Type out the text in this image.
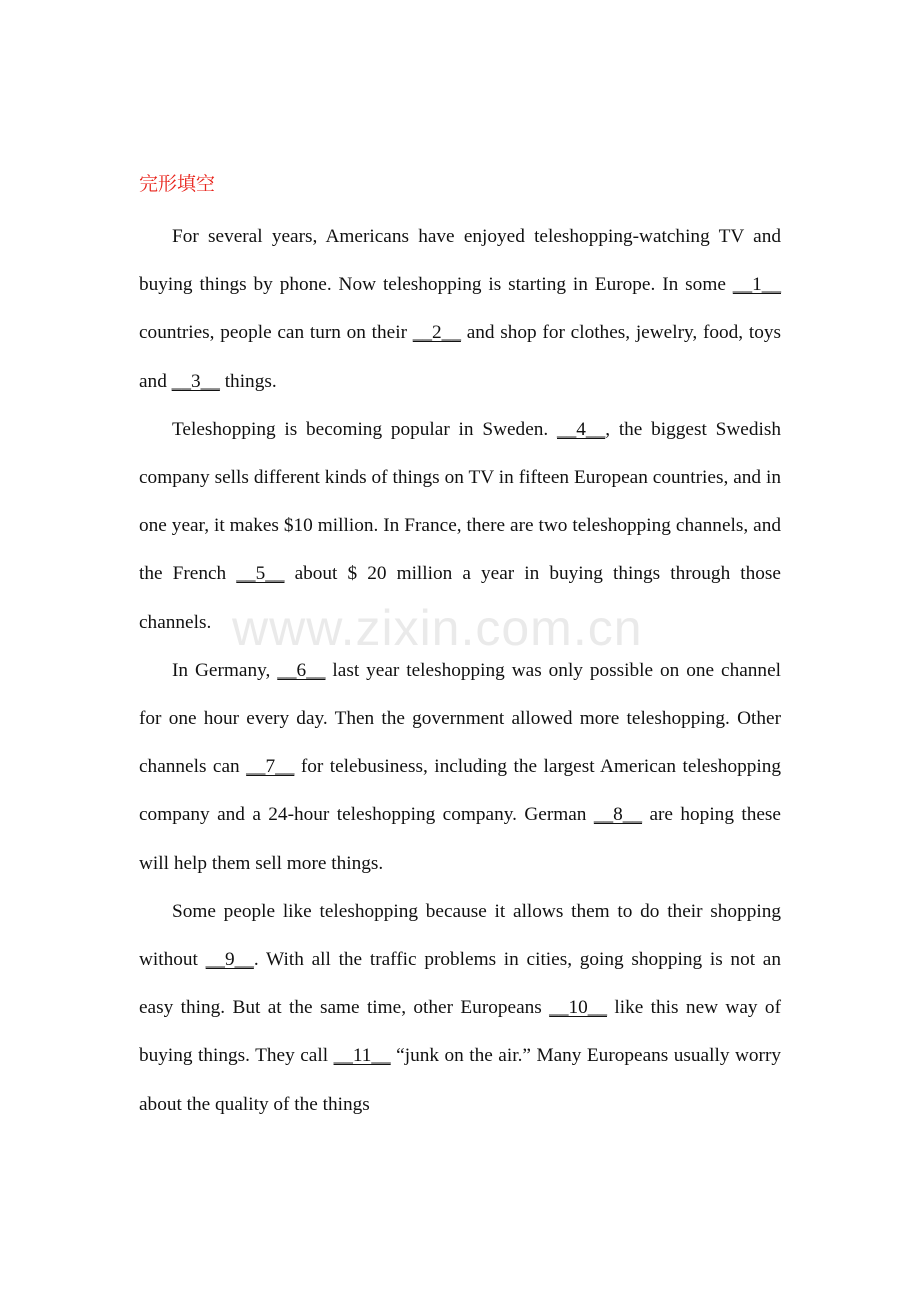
完形填空

For several years, Americans have enjoyed teleshopping-watching TV and buying things by phone. Now teleshopping is starting in Europe. In some __1__ countries, people can turn on their __2__ and shop for clothes, jewelry, food, toys and __3__ things.

Teleshopping is becoming popular in Sweden. __4__, the biggest Swedish company sells different kinds of things on TV in fifteen European countries, and in one year, it makes $10 million. In France, there are two teleshopping channels, and the French __5__ about $ 20 million a year in buying things through those channels.

In Germany, __6__ last year teleshopping was only possible on one channel for one hour every day. Then the government allowed more teleshopping. Other channels can __7__ for telebusiness, including the largest American teleshopping company and a 24-hour teleshopping company. German __8__ are hoping these will help them sell more things.

Some people like teleshopping because it allows them to do their shopping without __9__. With all the traffic problems in cities, going shopping is not an easy thing. But at the same time, other Europeans __10__ like this new way of buying things. They call __11__ “junk on the air.” Many Europeans usually worry about the quality of the things

www.zixin.com.cn
